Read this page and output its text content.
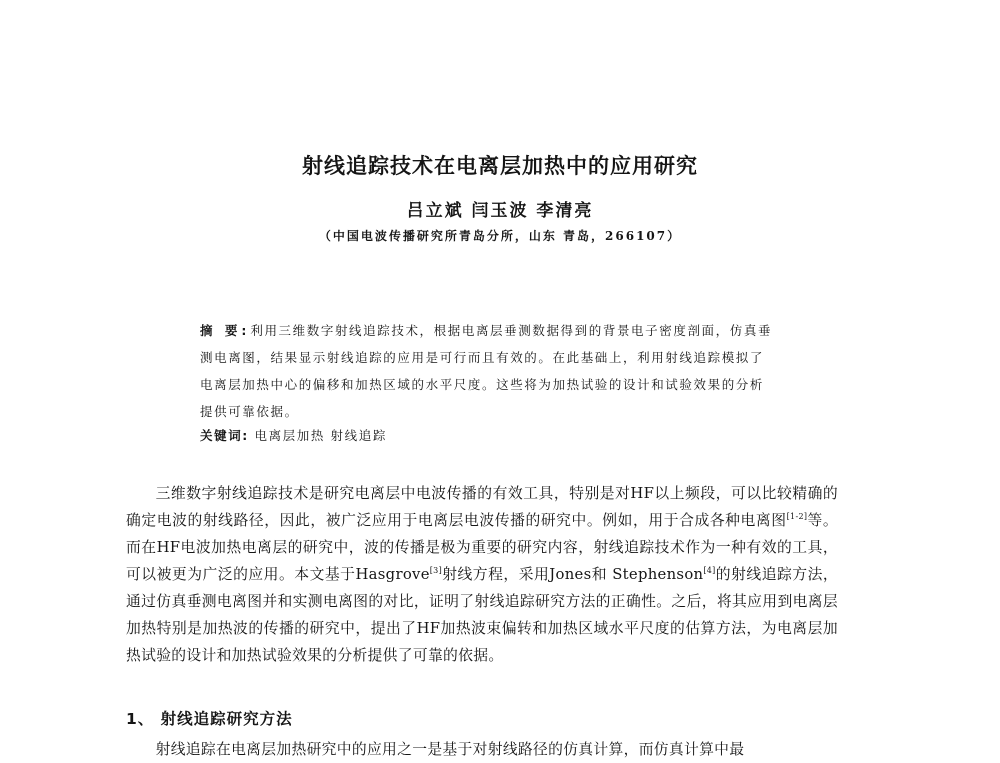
射线追踪技术在电离层加热中的应用研究
吕立斌 闫玉波 李清亮
（中国电波传播研究所青岛分所，山东 青岛，266107）
摘 要:利用三维数字射线追踪技术，根据电离层垂测数据得到的背景电子密度剖面，仿真垂测电离图，结果显示射线追踪的应用是可行而且有效的。在此基础上，利用射线追踪模拟了电离层加热中心的偏移和加热区域的水平尺度。这些将为加热试验的设计和试验效果的分析提供可靠依据。
关键词: 电离层加热 射线追踪
三维数字射线追踪技术是研究电离层中电波传播的有效工具，特别是对HF以上频段，可以比较精确的确定电波的射线路径，因此，被广泛应用于电离层电波传播的研究中。例如，用于合成各种电离图[1-2]等。而在HF电波加热电离层的研究中，波的传播是极为重要的研究内容，射线追踪技术作为一种有效的工具，可以被更为广泛的应用。本文基于Hasgrove[3]射线方程，采用Jones和 Stephenson[4]的射线追踪方法，通过仿真垂测电离图并和实测电离图的对比，证明了射线追踪研究方法的正确性。之后，将其应用到电离层加热特别是加热波的传播的研究中，提出了HF加热波束偏转和加热区域水平尺度的估算方法，为电离层加热试验的设计和加热试验效果的分析提供了可靠的依据。
1、 射线追踪研究方法
射线追踪在电离层加热研究中的应用之一是基于对射线路径的仿真计算，而仿真计算中最
